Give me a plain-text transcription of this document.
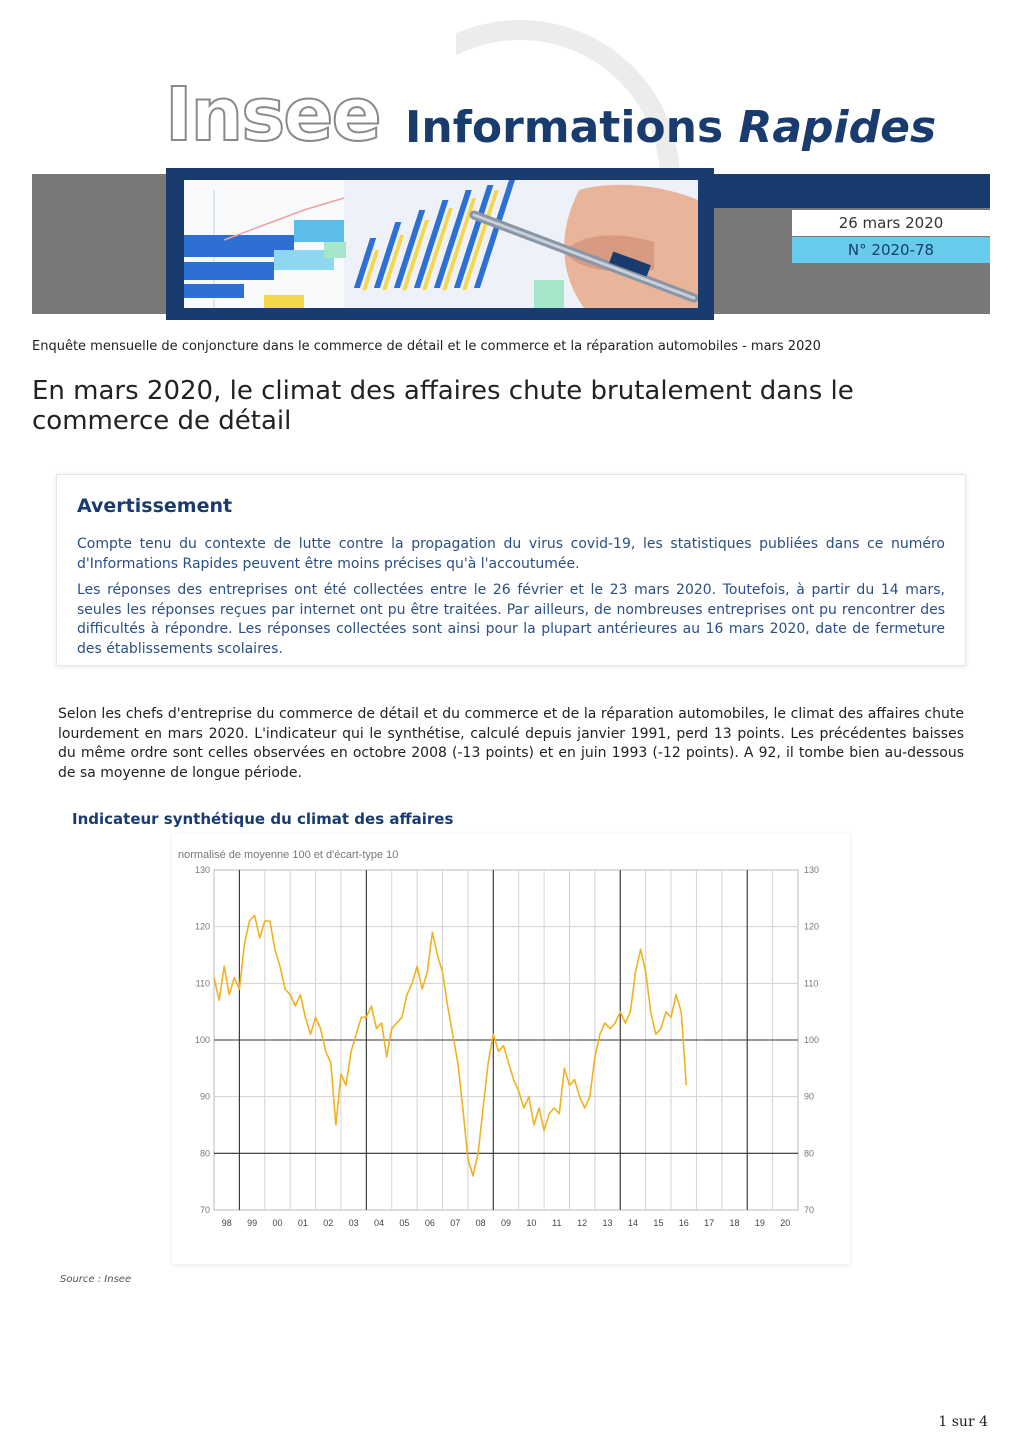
Insee Informations Rapides
26 mars 2020
N° 2020-78
Enquête mensuelle de conjoncture dans le commerce de détail et le commerce et la réparation automobiles - mars 2020
En mars 2020, le climat des affaires chute brutalement dans le commerce de détail
Avertissement

Compte tenu du contexte de lutte contre la propagation du virus covid-19, les statistiques publiées dans ce numéro d'Informations Rapides peuvent être moins précises qu'à l'accoutumée.

Les réponses des entreprises ont été collectées entre le 26 février et le 23 mars 2020. Toutefois, à partir du 14 mars, seules les réponses reçues par internet ont pu être traitées. Par ailleurs, de nombreuses entreprises ont pu rencontrer des difficultés à répondre. Les réponses collectées sont ainsi pour la plupart antérieures au 16 mars 2020, date de fermeture des établissements scolaires.

Selon les chefs d'entreprise du commerce de détail et du commerce et de la réparation automobiles, le climat des affaires chute lourdement en mars 2020. L'indicateur qui le synthétise, calculé depuis janvier 1991, perd 13 points. Les précédentes baisses du même ordre sont celles observées en octobre 2008 (-13 points) et en juin 1993 (-12 points). A 92, il tombe bien au-dessous de sa moyenne de longue période.
Indicateur synthétique du climat des affaires
normalisé de moyenne 100 et d'écart-type 10
70	70
80	80
90	90
100	100
110	110
120	120
130	130
98 99 00 01 02 03 04 05 06 07 08 09 10 11 12 13 14 15 16 17 18 19 20
Source : Insee
1 sur 4
